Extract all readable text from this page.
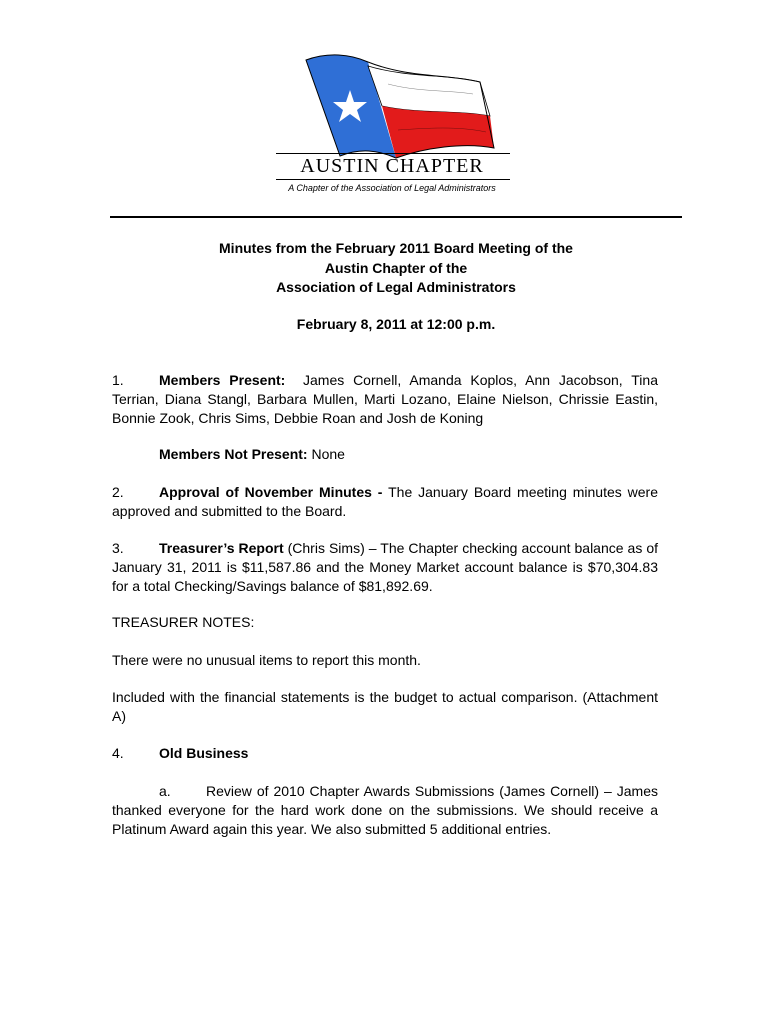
AUSTIN CHAPTER
A Chapter of the Association of Legal Administrators
Minutes from the February 2011 Board Meeting of the
Austin Chapter of the
Association of Legal Administrators
February 8, 2011 at 12:00 p.m.

1.	Members Present: James Cornell, Amanda Koplos, Ann Jacobson, Tina Terrian, Diana Stangl, Barbara Mullen, Marti Lozano, Elaine Nielson, Chrissie Eastin, Bonnie Zook, Chris Sims, Debbie Roan and Josh de Koning

Members Not Present: None

2.	Approval of November Minutes - The January Board meeting minutes were approved and submitted to the Board.

3.	Treasurer’s Report (Chris Sims) – The Chapter checking account balance as of January 31, 2011 is $11,587.86 and the Money Market account balance is $70,304.83 for a total Checking/Savings balance of $81,892.69.

TREASURER NOTES:

There were no unusual items to report this month.

Included with the financial statements is the budget to actual comparison. (Attachment A)

4.	Old Business

a.	Review of 2010 Chapter Awards Submissions (James Cornell) – James thanked everyone for the hard work done on the submissions. We should receive a Platinum Award again this year. We also submitted 5 additional entries.
